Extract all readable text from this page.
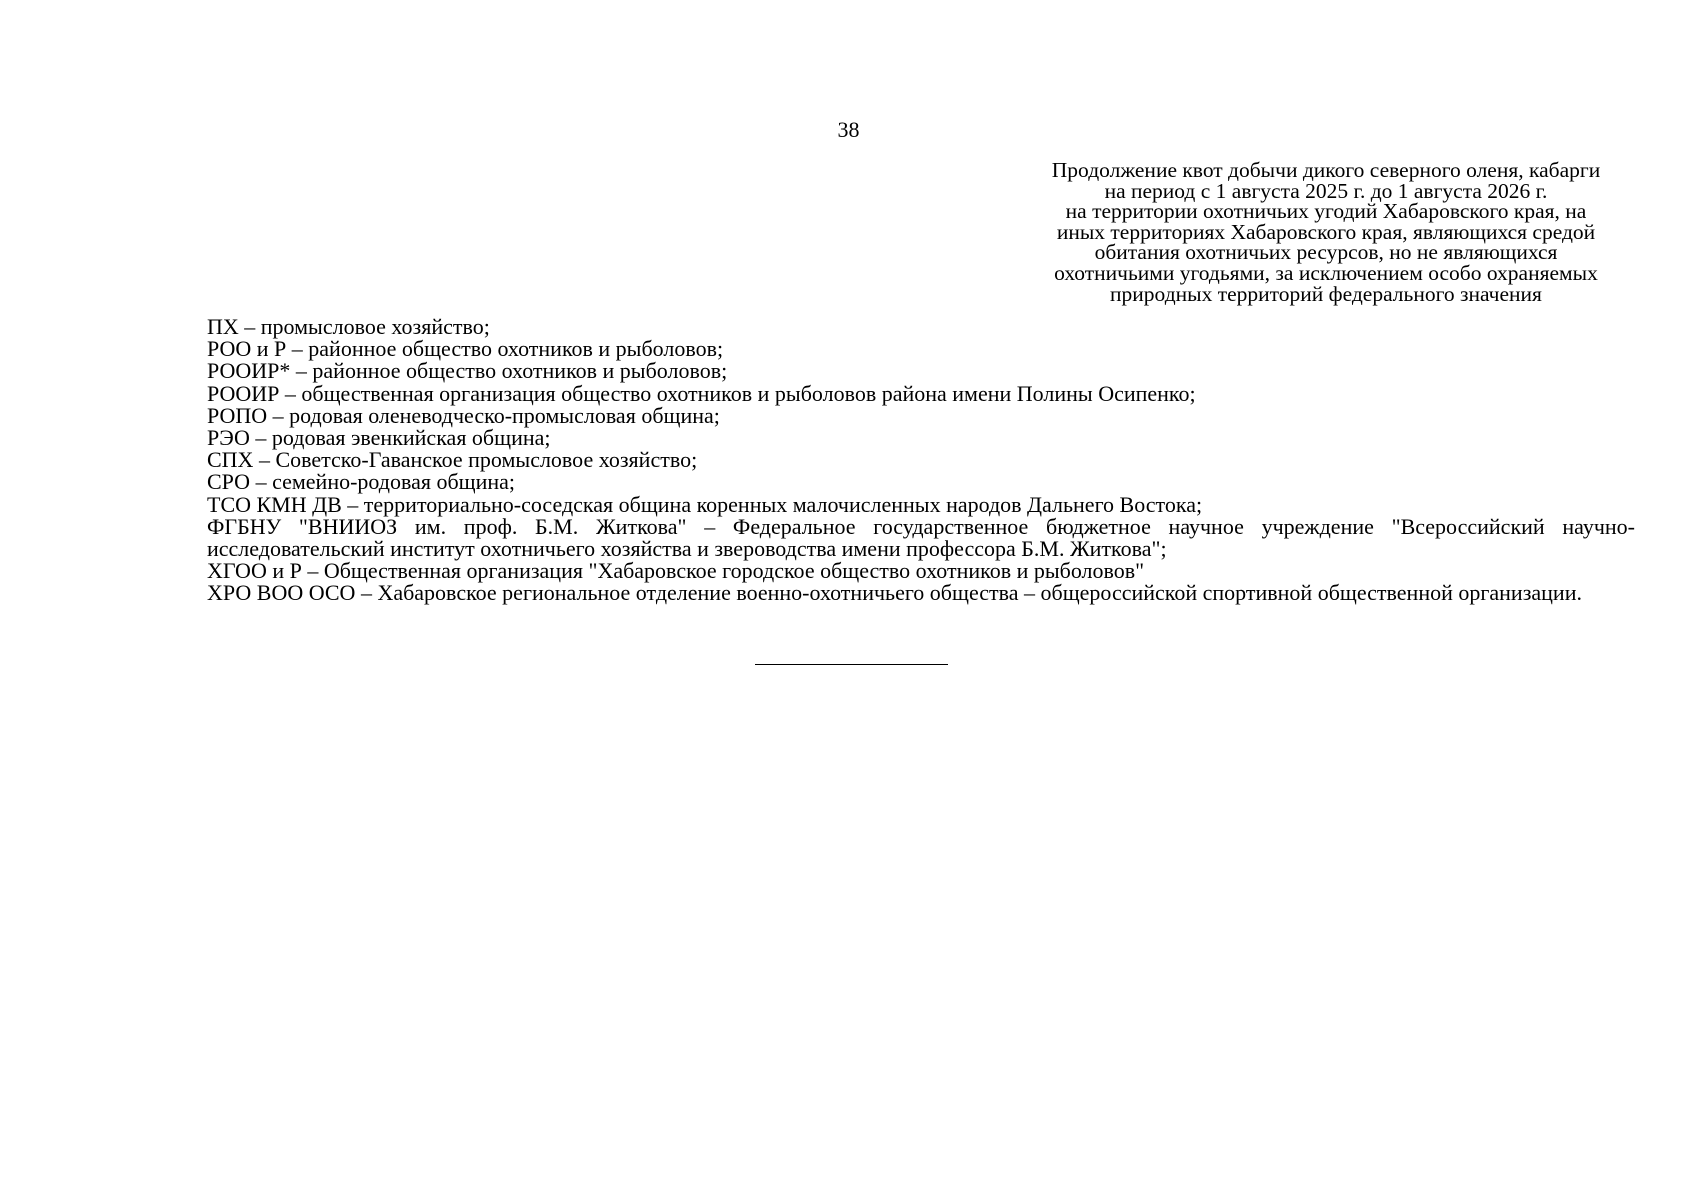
38
Продолжение квот добычи дикого северного оленя, кабарги
на период с 1 августа 2025 г. до 1 августа 2026 г.
на территории охотничьих угодий Хабаровского края, на
иных территориях Хабаровского края, являющихся средой
обитания охотничьих ресурсов, но не являющихся
охотничьими угодьями, за исключением особо охраняемых
природных территорий федерального значения

ПХ – промысловое хозяйство;

РОО и Р – районное общество охотников и рыболовов;

РООИР* – районное общество охотников и рыболовов;

РООИР – общественная организация общество охотников и рыболовов района имени Полины Осипенко;

РОПО – родовая оленеводческо-промысловая община;

РЭО – родовая эвенкийская община;

СПХ – Советско-Гаванское промысловое хозяйство;

СРО – семейно-родовая община;

ТСО КМН ДВ – территориально-соседская община коренных малочисленных народов Дальнего Востока;

ФГБНУ "ВНИИОЗ им. проф. Б.М. Житкова" – Федеральное государственное бюджетное научное учреждение "Всероссийский научно-исследовательский институт охотничьего хозяйства и звероводства имени профессора Б.М. Житкова";

ХГОО и Р – Общественная организация "Хабаровское городское общество охотников и рыболовов"

ХРО ВОО ОСО – Хабаровское региональное отделение военно-охотничьего общества – общероссийской спортивной общественной организации.
